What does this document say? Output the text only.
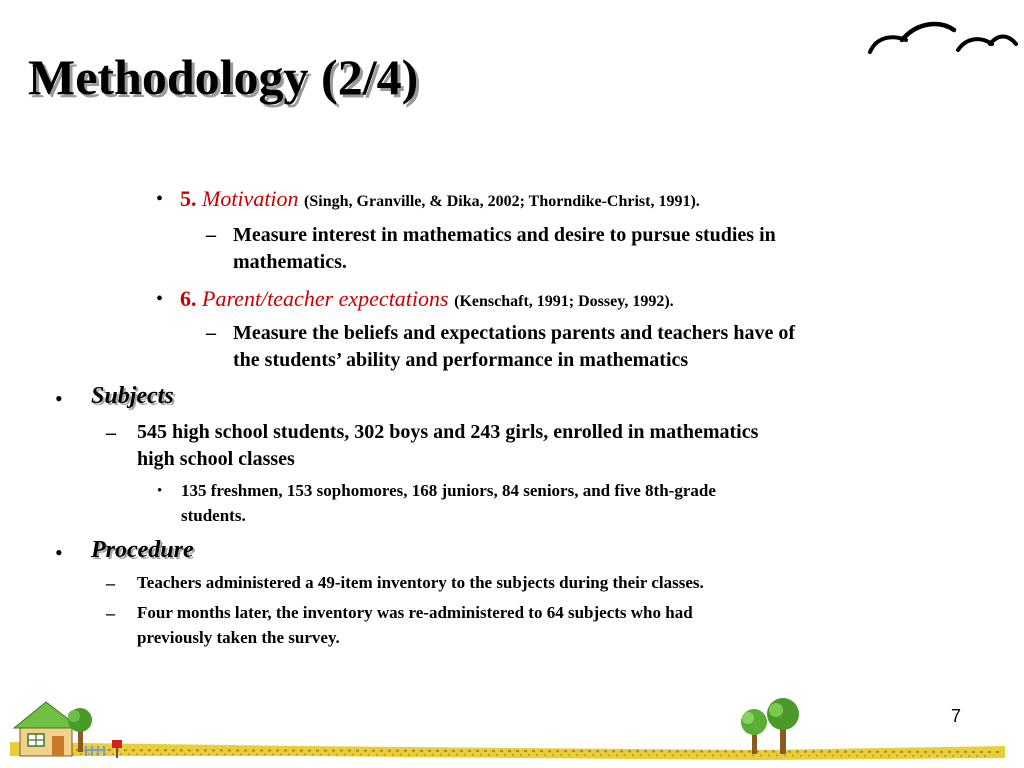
Methodology (2/4)
• 5. Motivation (Singh, Granville, & Dika, 2002; Thorndike-Christ, 1991).
– Measure interest in mathematics and desire to pursue studies in
mathematics.
• 6. Parent/teacher expectations (Kenschaft, 1991; Dossey, 1992).
– Measure the beliefs and expectations parents and teachers have of
the students’ ability and performance in mathematics
• Subjects
– 545 high school students, 302 boys and 243 girls, enrolled in mathematics
high school classes
• 135 freshmen, 153 sophomores, 168 juniors, 84 seniors, and five 8th-grade
students.
• Procedure
– Teachers administered a 49-item inventory to the subjects during their classes.
– Four months later, the inventory was re-administered to 64 subjects who had
previously taken the survey.
7
